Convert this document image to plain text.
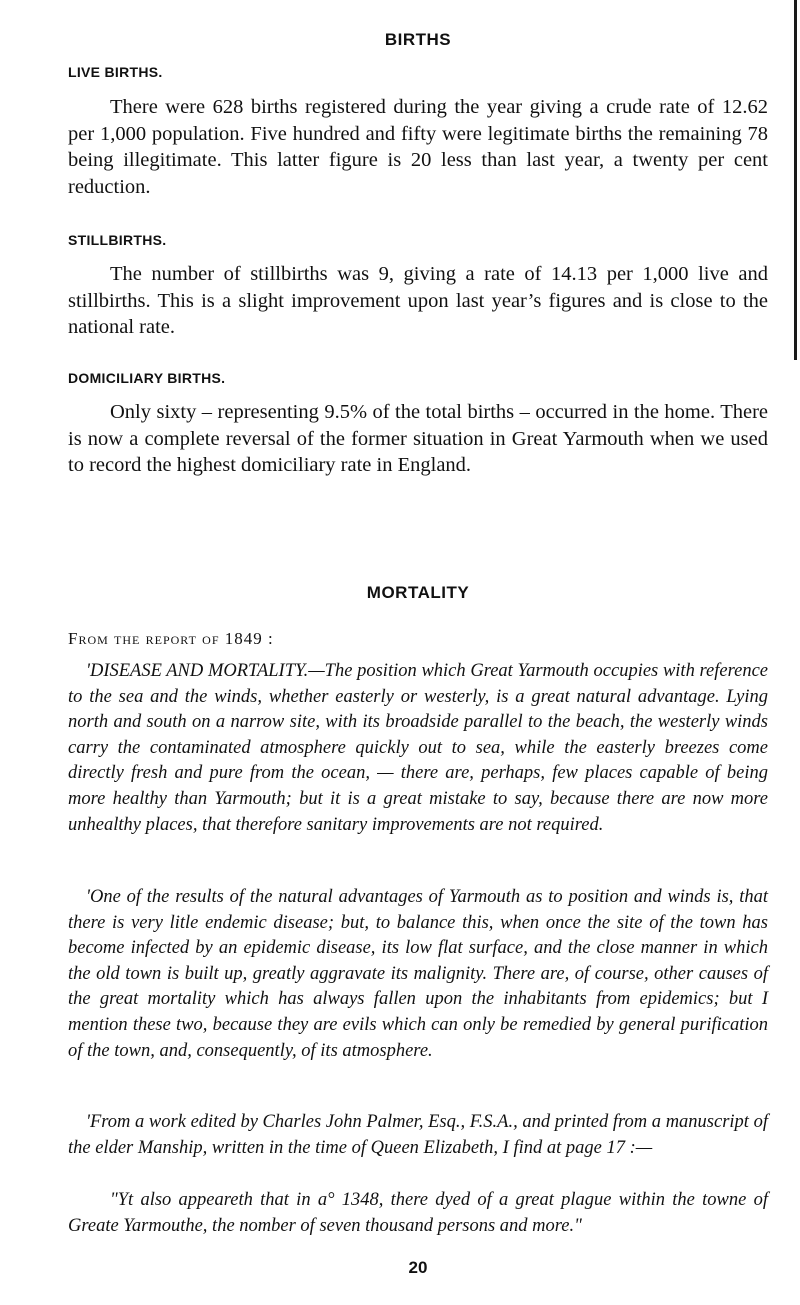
BIRTHS
LIVE BIRTHS.

There were 628 births registered during the year giving a crude rate of 12.62 per 1,000 population. Five hundred and fifty were legitimate births the remaining 78 being illegitimate. This latter figure is 20 less than last year, a twenty per cent reduction.

STILLBIRTHS.

The number of stillbirths was 9, giving a rate of 14.13 per 1,000 live and stillbirths. This is a slight improvement upon last year’s figures and is close to the national rate.

DOMICILIARY BIRTHS.

Only sixty – representing 9.5% of the total births – occurred in the home. There is now a complete reversal of the former situation in Great Yarmouth when we used to record the highest domiciliary rate in England.

MORTALITY

From the report of 1849 :

'DISEASE AND MORTALITY.—The position which Great Yarmouth occupies with reference to the sea and the winds, whether easterly or westerly, is a great natural advantage. Lying north and south on a narrow site, with its broadside parallel to the beach, the westerly winds carry the contaminated atmosphere quickly out to sea, while the easterly breezes come directly fresh and pure from the ocean, — there are, perhaps, few places capable of being more healthy than Yarmouth; but it is a great mistake to say, because there are now more unhealthy places, that therefore sanitary improvements are not required.

'One of the results of the natural advantages of Yarmouth as to position and winds is, that there is very litle endemic disease; but, to balance this, when once the site of the town has become infected by an epidemic disease, its low flat surface, and the close manner in which the old town is built up, greatly aggravate its malignity. There are, of course, other causes of the great mortality which has always fallen upon the inhabitants from epidemics; but I mention these two, because they are evils which can only be remedied by general purification of the town, and, consequently, of its atmosphere.

'From a work edited by Charles John Palmer, Esq., F.S.A., and printed from a manuscript of the elder Manship, written in the time of Queen Elizabeth, I find at page 17 :—

"Yt also appeareth that in a° 1348, there dyed of a great plague within the towne of Greate Yarmouthe, the nomber of seven thousand persons and more."

20
